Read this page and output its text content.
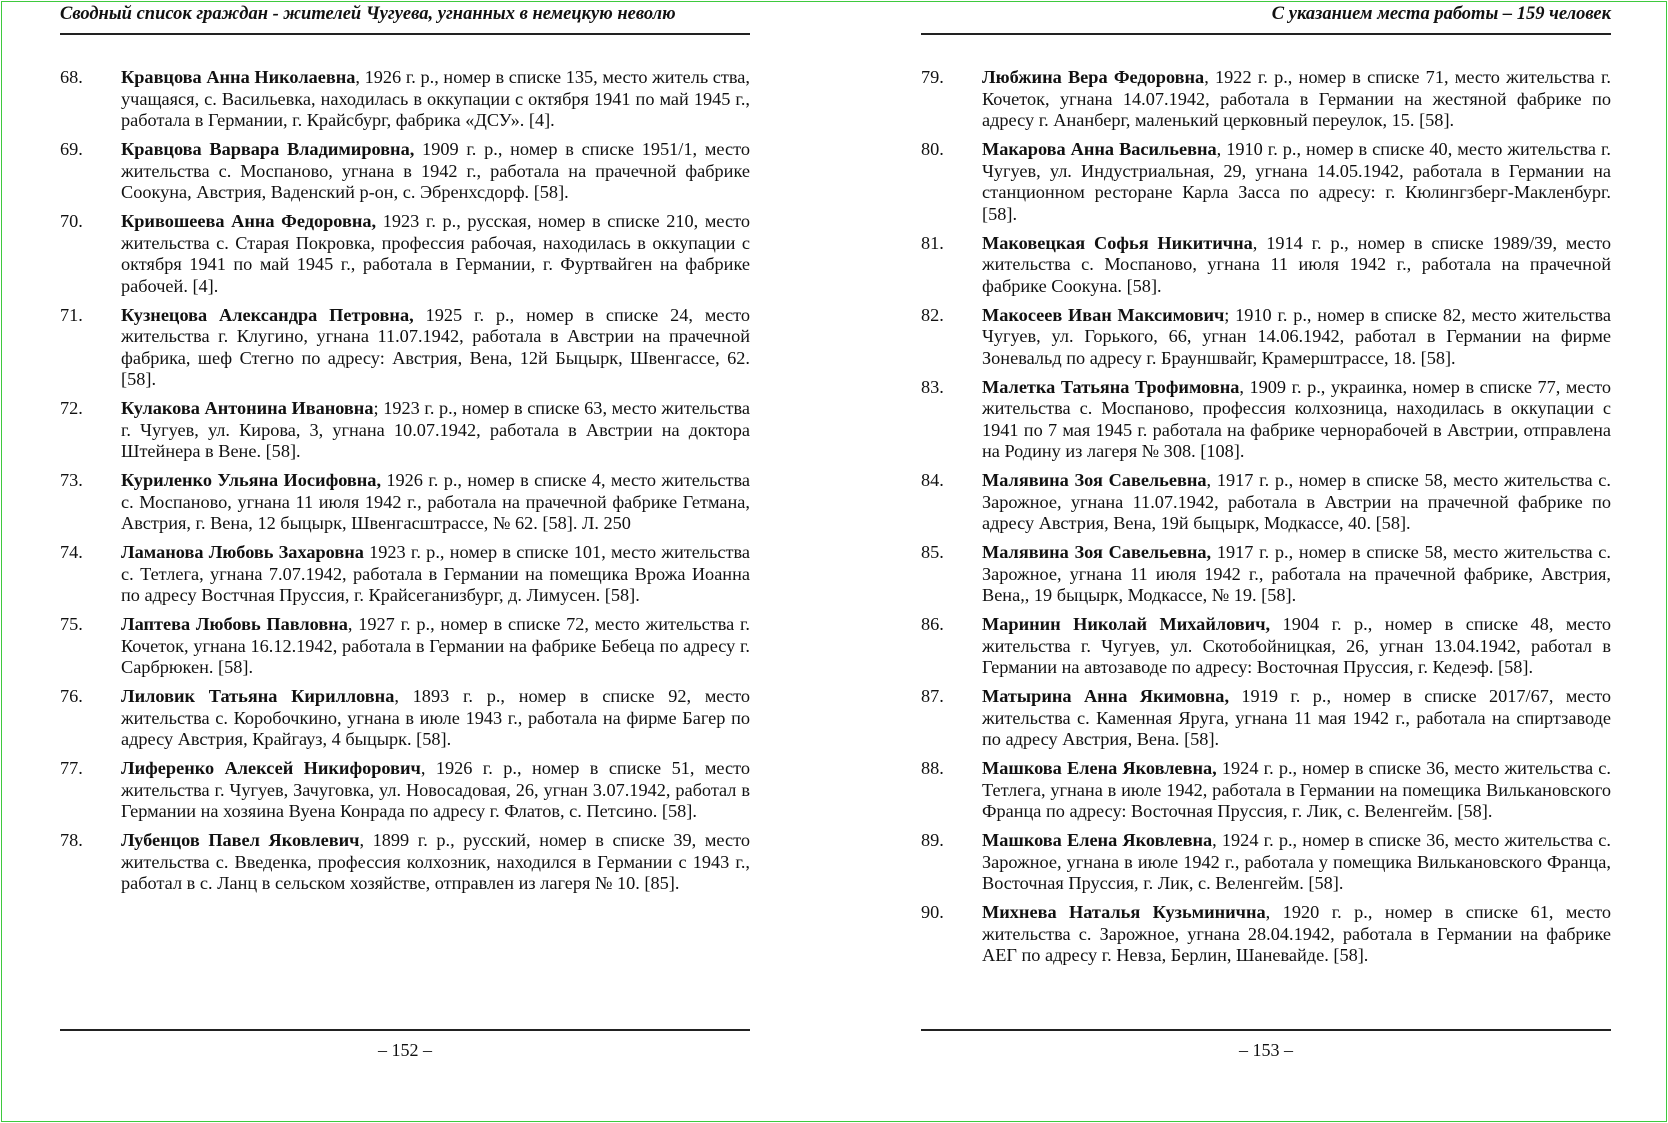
Сводный список граждан - жителей Чугуева, угнанных в немецкую неволю
68.	Кравцова Анна Николаевна, 1926 г. р., номер в списке 135, место житель ства, учащаяся, с. Васильевка, находилась в оккупации с октября 1941 по май 1945 г., работала в Германии, г. Крайсбург, фабрика «ДСУ». [4].
69.	Кравцова Варвара Владимировна, 1909 г. р., номер в списке 1951/1, место жительства с. Моспаново, угнана в 1942 г., работала на прачечной фабрике Соокуна, Австрия, Ваденский р-он, с. Эбренхсдорф. [58].
70.	Кривошеева Анна Федоровна, 1923 г. р., русская, номер в списке 210, место жительства с. Старая Покровка, профессия рабочая, находилась в оккупации с октября 1941 по май 1945 г., работала в Германии, г. Фуртвайген на фабрике рабочей. [4].
71.	Кузнецова Александра Петровна, 1925 г. р., номер в списке 24, место жительства г. Клугино, угнана 11.07.1942, работала в Австрии на прачечной фабрика, шеф Стегно по адресу: Австрия, Вена, 12й Быцырк, Швенгассе, 62. [58].
72.	Кулакова Антонина Ивановна; 1923 г. р., номер в списке 63, место жительства г. Чугуев, ул. Кирова, 3, угнана 10.07.1942, работала в Австрии на доктора Штейнера в Вене. [58].
73.	Куриленко Ульяна Иосифовна, 1926 г. р., номер в списке 4, место жительства с. Моспаново, угнана 11 июля 1942 г., работала на прачечной фабрике Гетмана, Австрия, г. Вена, 12 быцырк, Швенгасштрассе, № 62. [58]. Л. 250
74.	Ламанова Любовь Захаровна 1923 г. р., номер в списке 101, место жительства с. Тетлега, угнана 7.07.1942, работала в Германии на помещика Врожа Иоанна по адресу Востчная Пруссия, г. Крайсеганизбург, д. Лимусен. [58].
75.	Лаптева Любовь Павловна, 1927 г. р., номер в списке 72, место жительства г. Кочеток, угнана 16.12.1942, работала в Германии на фабрике Бебеца по адресу г. Сарбрюкен. [58].
76.	Лиловик Татьяна Кирилловна, 1893 г. р., номер в списке 92, место жительства с. Коробочкино, угнана в июле 1943 г., работала на фирме Багер по адресу Австрия, Крайгауз, 4 быцырк. [58].
77.	Лиференко Алексей Никифорович, 1926 г. р., номер в списке 51, место жительства г. Чугуев, Зачуговка, ул. Новосадовая, 26, угнан 3.07.1942, работал в Германии на хозяина Вуена Конрада по адресу г. Флатов, с. Петсино. [58].
78.	Лубенцов Павел Яковлевич, 1899 г. р., русский, номер в списке 39, место жительства с. Введенка, профессия колхозник, находился в Германии с 1943 г., работал в с. Ланц в сельском хозяйстве, отправлен из лагеря № 10. [85].
– 152 –
С указанием места работы – 159 человек
79.	Любжина Вера Федоровна, 1922 г. р., номер в списке 71, место жительства г. Кочеток, угнана 14.07.1942, работала в Германии на жестяной фабрике по адресу г. Ананберг, маленький церковный переулок, 15. [58].
80.	Макарова Анна Васильевна, 1910 г. р., номер в списке 40, место жительства г. Чугуев, ул. Индустриальная, 29, угнана 14.05.1942, работала в Германии на станционном ресторане Карла Засса по адресу: г. Кюлингзберг-Макленбург. [58].
81.	Маковецкая Софья Никитична, 1914 г. р., номер в списке 1989/39, место жительства с. Моспаново, угнана 11 июля 1942 г., работала на прачечной фабрике Соокуна. [58].
82.	Макосеев Иван Максимович; 1910 г. р., номер в списке 82, место жительства Чугуев, ул. Горького, 66, угнан 14.06.1942, работал в Германии на фирме Зоневальд по адресу г. Брауншвайг, Крамерштрассе, 18. [58].
83.	Малетка Татьяна Трофимовна, 1909 г. р., украинка, номер в списке 77, место жительства с. Моспаново, профессия колхозница, находилась в оккупации с 1941 по 7 мая 1945 г. работала на фабрике чернорабочей в Австрии, отправлена на Родину из лагеря № 308. [108].
84.	Малявина Зоя Савельевна, 1917 г. р., номер в списке 58, место жительства с. Зарожное, угнана 11.07.1942, работала в Австрии на прачечной фабрике по адресу Австрия, Вена, 19й быцырк, Модкассе, 40. [58].
85.	Малявина Зоя Савельевна, 1917 г. р., номер в списке 58, место жительства с. Зарожное, угнана 11 июля 1942 г., работала на прачечной фабрике, Австрия, Вена,, 19 быцырк, Модкассе, № 19. [58].
86.	Маринин Николай Михайлович, 1904 г. р., номер в списке 48, место жительства г. Чугуев, ул. Скотобойницкая, 26, угнан 13.04.1942, работал в Германии на автозаводе по адресу: Восточная Пруссия, г. Кедеэф. [58].
87.	Матырина Анна Якимовна, 1919 г. р., номер в списке 2017/67, место жительства с. Каменная Яруга, угнана 11 мая 1942 г., работала на спиртзаводе по адресу Австрия, Вена. [58].
88.	Машкова Елена Яковлевна, 1924 г. р., номер в списке 36, место жительства с. Тетлега, угнана в июле 1942, работала в Германии на помещика Вилькановского Франца по адресу: Восточная Пруссия, г. Лик, с. Веленгейм. [58].
89.	Машкова Елена Яковлевна, 1924 г. р., номер в списке 36, место жительства с. Зарожное, угнана в июле 1942 г., работала у помещика Вильканoвского Франца, Восточная Пруссия, г. Лик, с. Веленгейм. [58].
90.	Михнева Наталья Кузьминична, 1920 г. р., номер в списке 61, место жительства с. Зарожное, угнана 28.04.1942, работала в Германии на фабрике АЕГ по адресу г. Невза, Берлин, Шаневайде. [58].
– 153 –
